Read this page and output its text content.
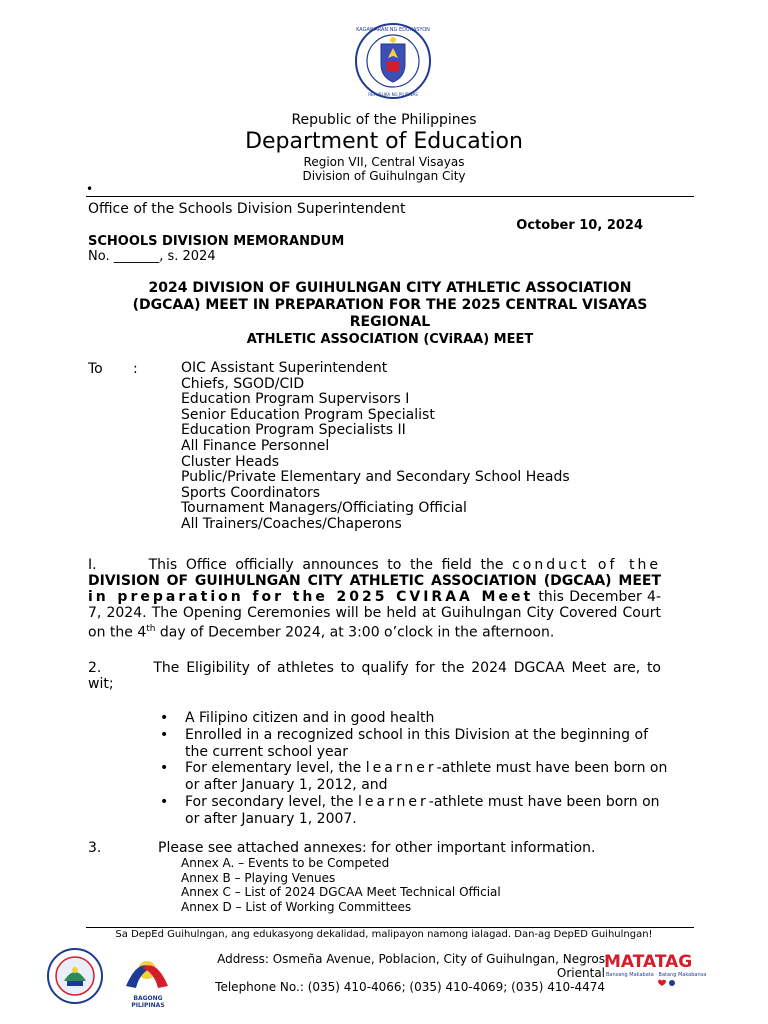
KAGAWARAN NG EDUKASYON
REPUBLIKA NG PILIPINAS
Republic of the Philippines
Department of Education
Region VII, Central Visayas
Division of Guihulngan City
•
Office of the Schools Division Superintendent
October 10, 2024
SCHOOLS DIVISION MEMORANDUM
No. _______, s. 2024
2024 DIVISION OF GUIHULNGAN CITY ATHLETIC ASSOCIATION
(DGCAA) MEET IN PREPARATION FOR THE 2025 CENTRAL VISAYAS
REGIONAL
ATHLETIC ASSOCIATION (CViRAA) MEET
To :	OIC Assistant Superintendent
Chiefs, SGOD/CID
Education Program Supervisors I
Senior Education Program Specialist
Education Program Specialists II
All Finance Personnel
Cluster Heads
Public/Private Elementary and Secondary School Heads
Sports Coordinators
Tournament Managers/Officiating Official
All Trainers/Coaches/Chaperons
I.	This Office officially announces to the field the conduct of the DIVISION OF GUIHULNGAN CITY ATHLETIC ASSOCIATION (DGCAA) MEET in preparation for the 2025 CVIRAA Meet this December 4-7, 2024. The Opening Ceremonies will be held at Guihulngan City Covered Court on the 4th day of December 2024, at 3:00 o’clock in the afternoon.
2.	The Eligibility of athletes to qualify for the 2024 DGCAA Meet are, to wit;
• A Filipino citizen and in good health
• Enrolled in a recognized school in this Division at the beginning of the current school year
• For elementary level, the learner-athlete must have been born on or after January 1, 2012, and
• For secondary level, the learner-athlete must have been born on or after January 1, 2007.
3.	Please see attached annexes: for other important information.
Annex A. – Events to be Competed
Annex B – Playing Venues
Annex C – List of 2024 DGCAA Meet Technical Official
Annex D – List of Working Committees
Sa DepEd Guihulngan, ang edukasyong dekalidad, malipayon namong ialagad. Dan-ag DepED Guihulngan!
BAGONG PILIPINAS
Address: Osmeña Avenue, Poblacion, City of Guihulngan, Negros Oriental
Telephone No.: (035) 410-4066; (035) 410-4069; (035) 410-4474
MATATAG
Bansang Makabata · Batang Makabansa
